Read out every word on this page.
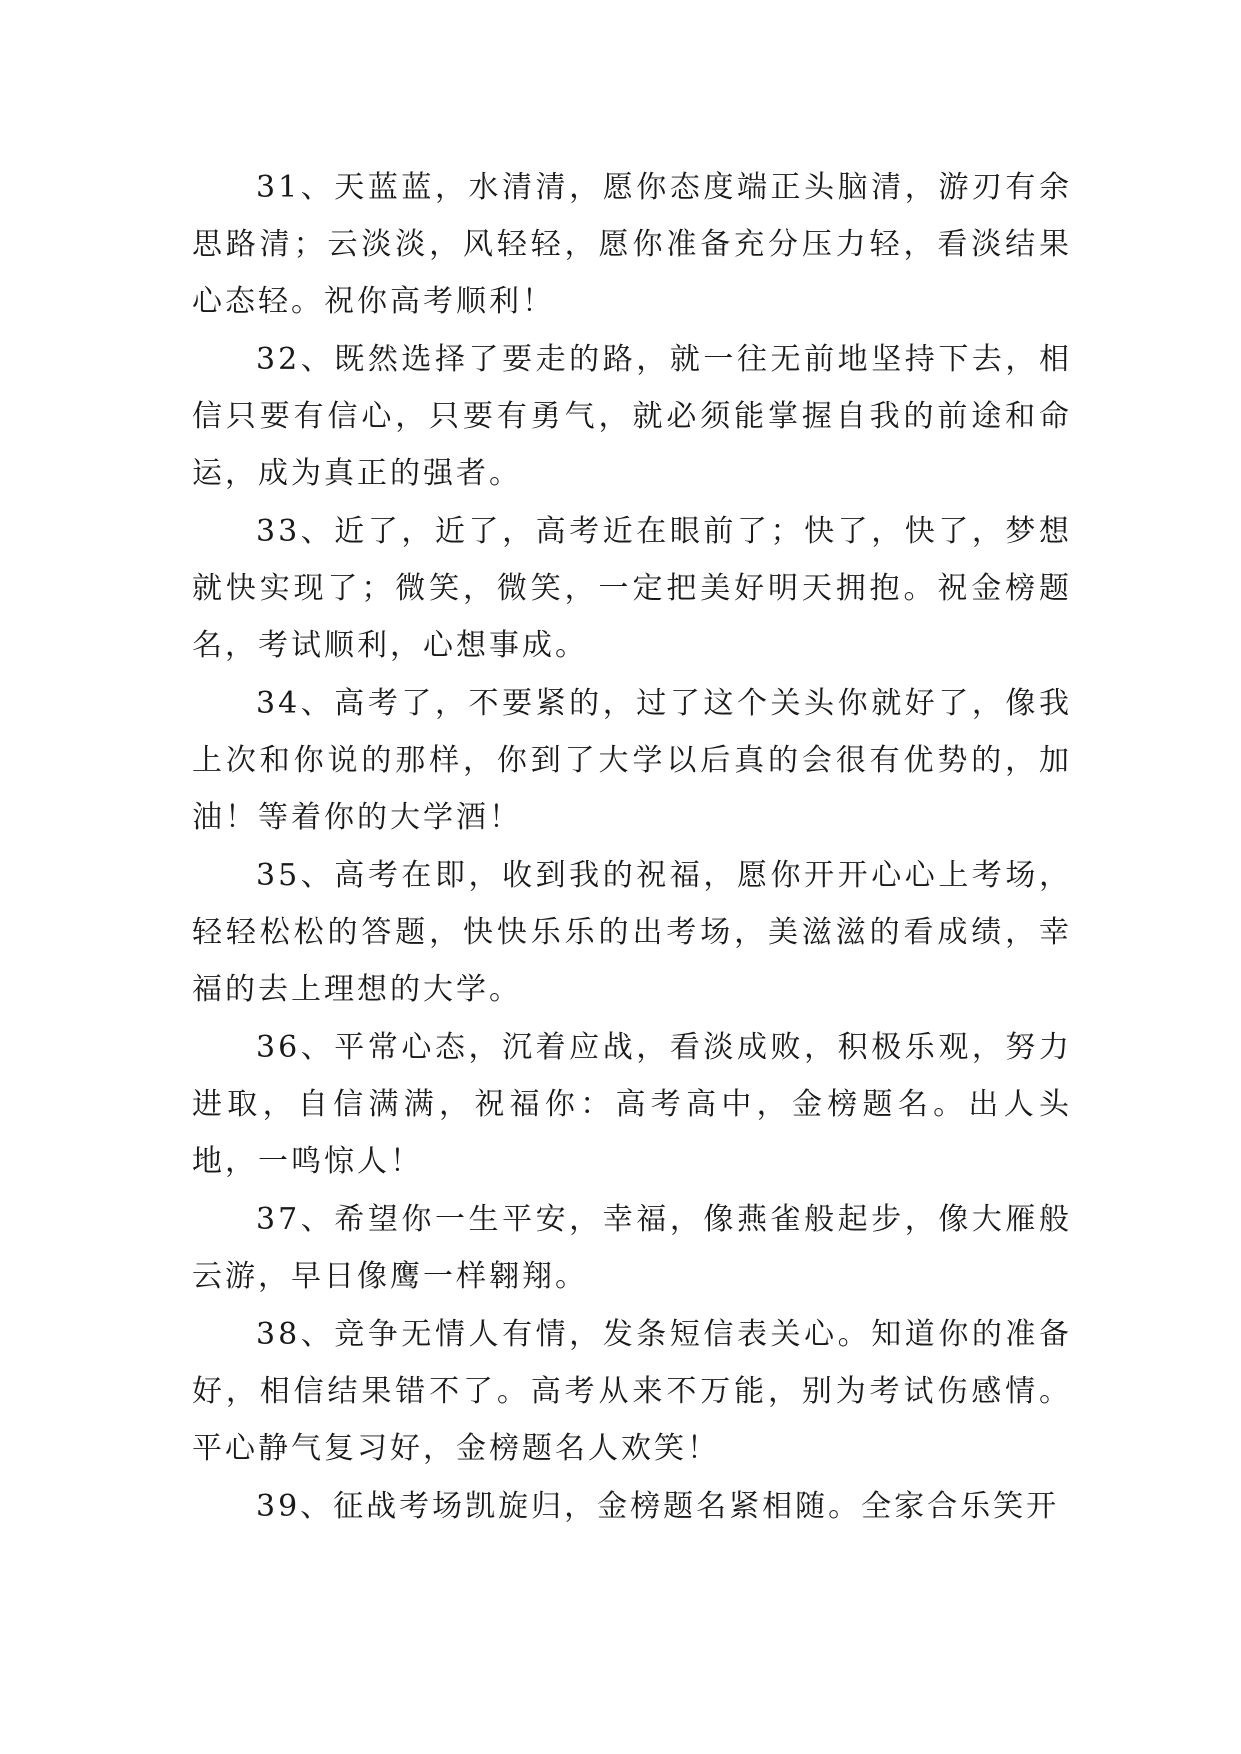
31、天蓝蓝，水清清，愿你态度端正头脑清，游刃有余思路清；云淡淡，风轻轻，愿你准备充分压力轻，看淡结果心态轻。祝你高考顺利！

32、既然选择了要走的路，就一往无前地坚持下去，相信只要有信心，只要有勇气，就必须能掌握自我的前途和命运，成为真正的强者。

33、近了，近了，高考近在眼前了；快了，快了，梦想就快实现了；微笑，微笑，一定把美好明天拥抱。祝金榜题名，考试顺利，心想事成。

34、高考了，不要紧的，过了这个关头你就好了，像我上次和你说的那样，你到了大学以后真的会很有优势的，加油！等着你的大学酒！

35、高考在即，收到我的祝福，愿你开开心心上考场，轻轻松松的答题，快快乐乐的出考场，美滋滋的看成绩，幸福的去上理想的大学。

36、平常心态，沉着应战，看淡成败，积极乐观，努力进取，自信满满，祝福你：高考高中，金榜题名。出人头地，一鸣惊人！

37、希望你一生平安，幸福，像燕雀般起步，像大雁般云游，早日像鹰一样翱翔。

38、竞争无情人有情，发条短信表关心。知道你的准备好，相信结果错不了。高考从来不万能，别为考试伤感情。平心静气复习好，金榜题名人欢笑！

39、征战考场凯旋归，金榜题名紧相随。全家合乐笑开
